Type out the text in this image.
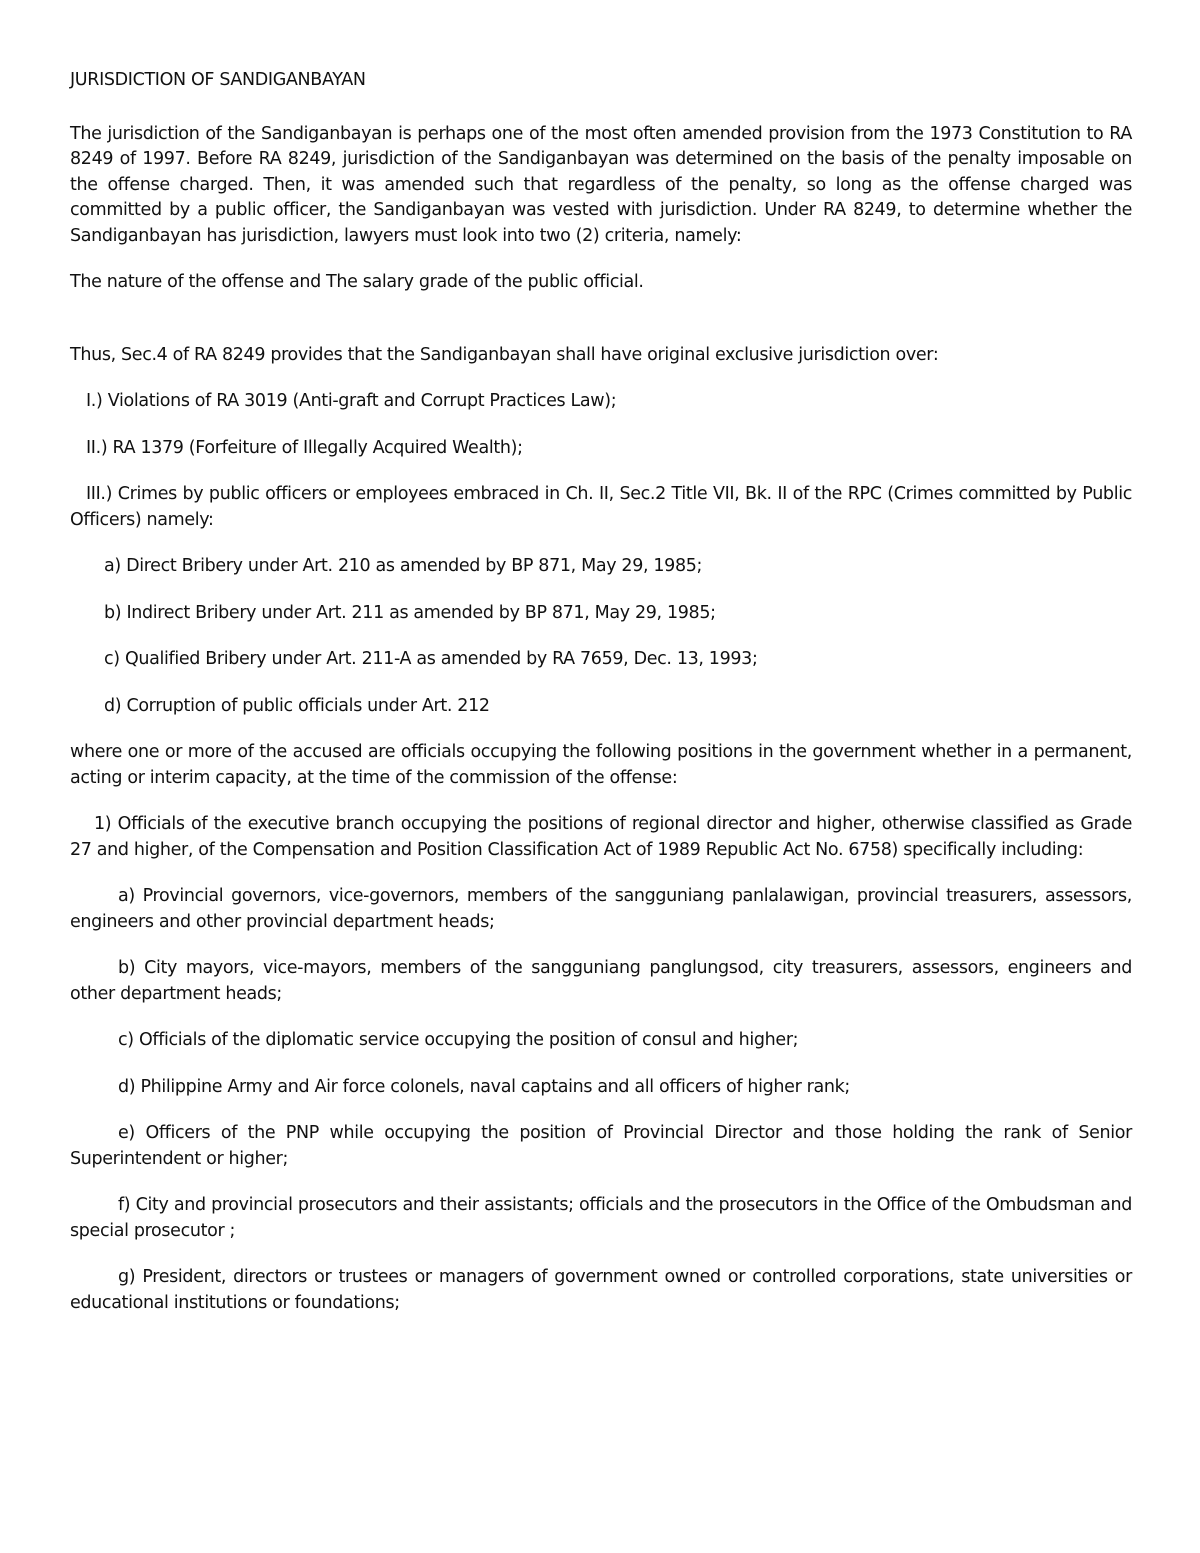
JURISDICTION OF SANDIGANBAYAN

The jurisdiction of the Sandiganbayan is perhaps one of the most often amended provision from the 1973 Constitution to RA 8249 of 1997. Before RA 8249, jurisdiction of the Sandiganbayan was determined on the basis of the penalty imposable on the offense charged. Then, it was amended such that regardless of the penalty, so long as the offense charged was committed by a public officer, the Sandiganbayan was vested with jurisdiction. Under RA 8249, to determine whether the Sandiganbayan has jurisdiction, lawyers must look into two (2) criteria, namely:

The nature of the offense and The salary grade of the public official.

Thus, Sec.4 of RA 8249 provides that the Sandiganbayan shall have original exclusive jurisdiction over:

I.) Violations of RA 3019 (Anti-graft and Corrupt Practices Law);

II.) RA 1379 (Forfeiture of Illegally Acquired Wealth);

III.) Crimes by public officers or employees embraced in Ch. II, Sec.2 Title VII, Bk. II of the RPC (Crimes committed by Public Officers) namely:

a) Direct Bribery under Art. 210 as amended by BP 871, May 29, 1985;

b) Indirect Bribery under Art. 211 as amended by BP 871, May 29, 1985;

c) Qualified Bribery under Art. 211-A as amended by RA 7659, Dec. 13, 1993;

d) Corruption of public officials under Art. 212

where one or more of the accused are officials occupying the following positions in the government whether in a permanent, acting or interim capacity, at the time of the commission of the offense:

1) Officials of the executive branch occupying the positions of regional director and higher, otherwise classified as Grade 27 and higher, of the Compensation and Position Classification Act of 1989 Republic Act No. 6758) specifically including:

a) Provincial governors, vice-governors, members of the sangguniang panlalawigan, provincial treasurers, assessors, engineers and other provincial department heads;

b) City mayors, vice-mayors, members of the sangguniang panglungsod, city treasurers, assessors, engineers and other department heads;

c) Officials of the diplomatic service occupying the position of consul and higher;

d) Philippine Army and Air force colonels, naval captains and all officers of higher rank;

e) Officers of the PNP while occupying the position of Provincial Director and those holding the rank of Senior Superintendent or higher;

f) City and provincial prosecutors and their assistants; officials and the prosecutors in the Office of the Ombudsman and special prosecutor ;

g) President, directors or trustees or managers of government owned or controlled corporations, state universities or educational institutions or foundations;
